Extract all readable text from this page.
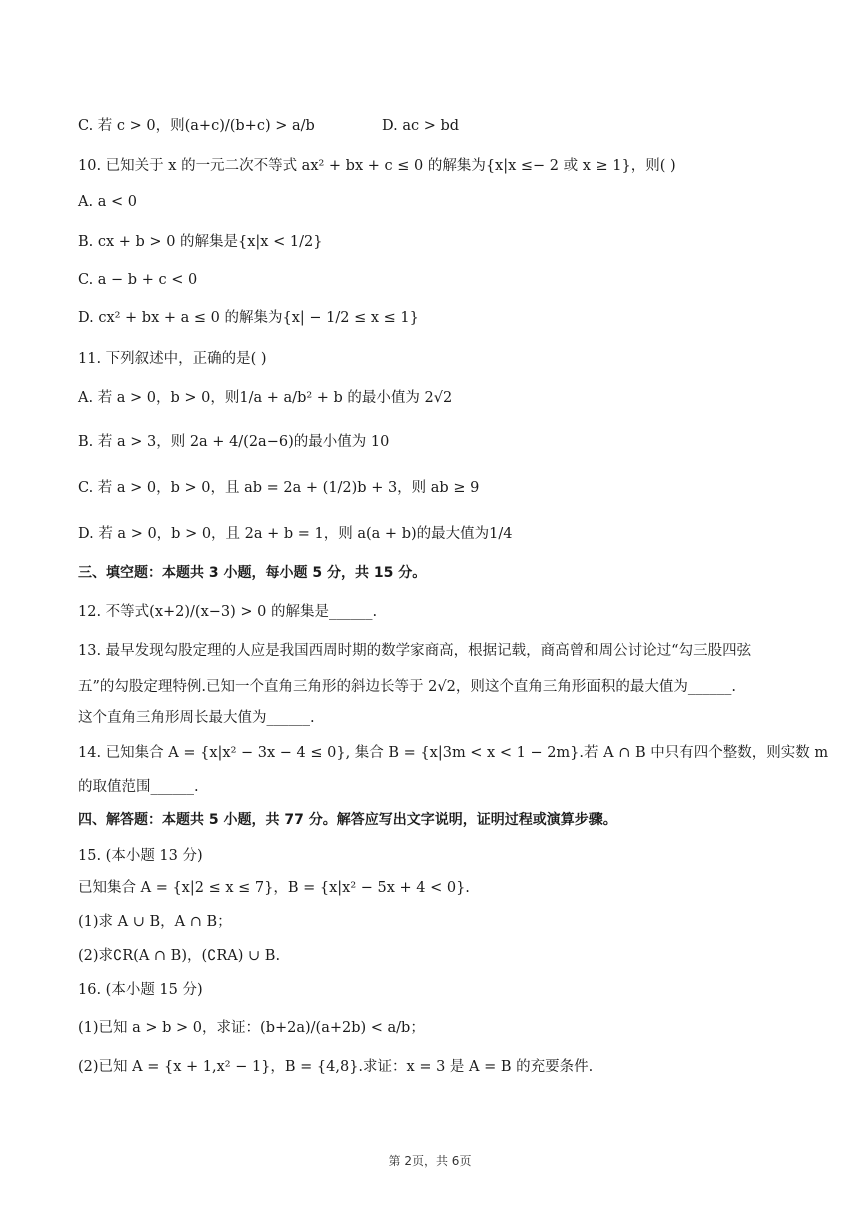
C. 若 c > 0，则(a+c)/(b+c) > a/b	D. ac > bd
10. 已知关于 x 的一元二次不等式 ax² + bx + c ≤ 0 的解集为{x|x ≤− 2 或 x ≥ 1}，则( )
A. a < 0
B. cx + b > 0 的解集是{x|x < 1/2}
C. a − b + c < 0
D. cx² + bx + a ≤ 0 的解集为{x| − 1/2 ≤ x ≤ 1}
11. 下列叙述中，正确的是( )
A. 若 a > 0，b > 0，则1/a + a/b² + b 的最小值为 2√2
B. 若 a > 3，则 2a + 4/(2a−6)的最小值为 10
C. 若 a > 0，b > 0，且 ab = 2a + (1/2)b + 3，则 ab ≥ 9
D. 若 a > 0，b > 0，且 2a + b = 1，则 a(a + b)的最大值为1/4
三、填空题：本题共 3 小题，每小题 5 分，共 15 分。
12. 不等式(x+2)/(x−3) > 0 的解集是______.
13. 最早发现勾股定理的人应是我国西周时期的数学家商高，根据记载，商高曾和周公讨论过“勾三股四弦
五”的勾股定理特例.已知一个直角三角形的斜边长等于 2√2，则这个直角三角形面积的最大值为______.
这个直角三角形周长最大值为______.
14. 已知集合 A = {x|x² − 3x − 4 ≤ 0}, 集合 B = {x|3m < x < 1 − 2m}.若 A ∩ B 中只有四个整数，则实数 m
的取值范围______.
四、解答题：本题共 5 小题，共 77 分。解答应写出文字说明，证明过程或演算步骤。
15. (本小题 13 分)
已知集合 A = {x|2 ≤ x ≤ 7}，B = {x|x² − 5x + 4 < 0}.
(1)求 A ∪ B，A ∩ B；
(2)求∁R(A ∩ B)，(∁RA) ∪ B.
16. (本小题 15 分)
(1)已知 a > b > 0，求证：(b+2a)/(a+2b) < a/b；
(2)已知 A = {x + 1,x² − 1}，B = {4,8}.求证：x = 3 是 A = B 的充要条件.
第 2页，共 6页
